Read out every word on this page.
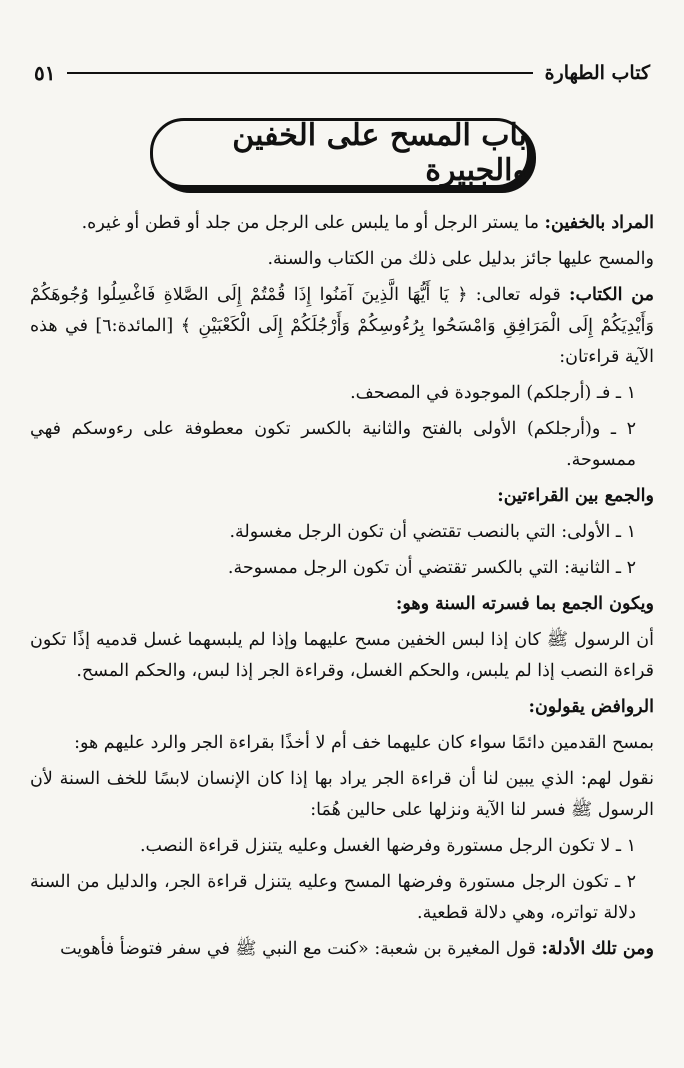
كتاب الطهارة
٥١
باب المسح على الخفين والجبيرة

المراد بالخفين: ما يستر الرجل أو ما يلبس على الرجل من جلد أو قطن أو غيره.

والمسح عليها جائز بدليل على ذلك من الكتاب والسنة.

من الكتاب: قوله تعالى: ﴿ يَا أَيُّهَا الَّذِينَ آمَنُوا إِذَا قُمْتُمْ إِلَى الصَّلاةِ فَاغْسِلُوا وُجُوهَكُمْ وَأَيْدِيَكُمْ إِلَى الْمَرَافِقِ وَامْسَحُوا بِرُءُوسِكُمْ وَأَرْجُلَكُمْ إِلَى الْكَعْبَيْنِ ﴾ [المائدة:٦] في هذه الآية قراءتان:

١ ـ فـ (أرجلكم) الموجودة في المصحف.

٢ ـ و(أرجلكم) الأولى بالفتح والثانية بالكسر تكون معطوفة على رءوسكم فهي ممسوحة.

والجمع بين القراءتين:

١ ـ الأولى: التي بالنصب تقتضي أن تكون الرجل مغسولة.

٢ ـ الثانية: التي بالكسر تقتضي أن تكون الرجل ممسوحة.

ويكون الجمع بما فسرته السنة وهو:

أن الرسول ﷺ كان إذا لبس الخفين مسح عليهما وإذا لم يلبسهما غسل قدميه إذًا تكون قراءة النصب إذا لم يلبس، والحكم الغسل، وقراءة الجر إذا لبس، والحكم المسح.

الروافض يقولون:

بمسح القدمين دائمًا سواء كان عليهما خف أم لا أخذًا بقراءة الجر والرد عليهم هو:

نقول لهم: الذي يبين لنا أن قراءة الجر يراد بها إذا كان الإنسان لابسًا للخف السنة لأن الرسول ﷺ فسر لنا الآية ونزلها على حالين هُمَا:

١ ـ لا تكون الرجل مستورة وفرضها الغسل وعليه يتنزل قراءة النصب.

٢ ـ تكون الرجل مستورة وفرضها المسح وعليه يتنزل قراءة الجر، والدليل من السنة دلالة تواتره، وهي دلالة قطعية.

ومن تلك الأدلة: قول المغيرة بن شعبة: «كنت مع النبي ﷺ في سفر فتوضأ فأهويت
